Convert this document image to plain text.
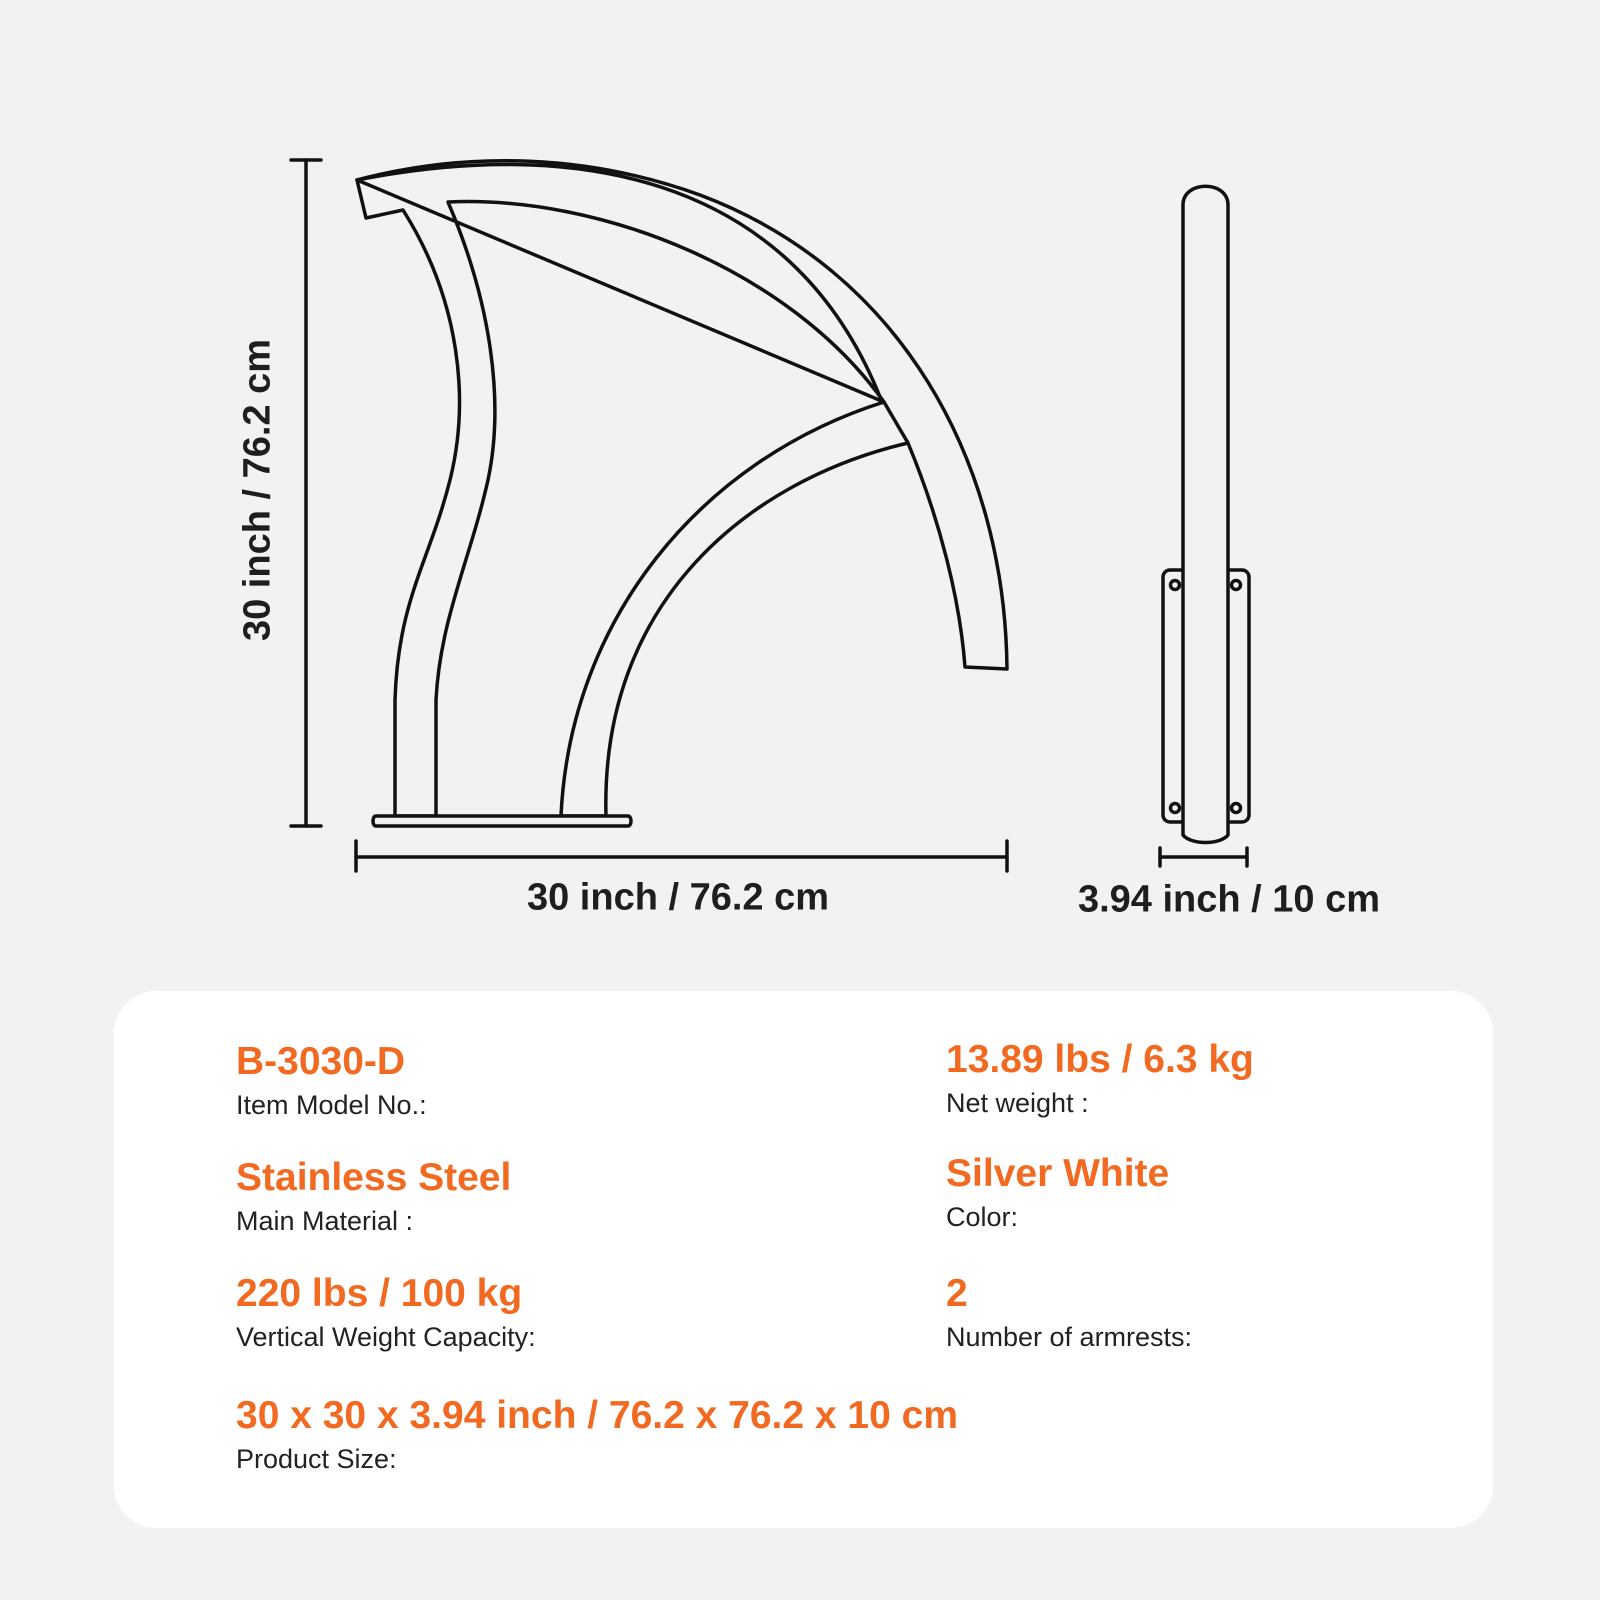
30 inch / 76.2 cm
30 inch / 76.2 cm	3.94 inch / 10 cm
B-3030-D
Item Model No.:
Stainless Steel
Main Material :
220 lbs / 100 kg
Vertical Weight Capacity:
30 x 30 x 3.94 inch / 76.2 x 76.2 x 10 cm
Product Size:
13.89 lbs / 6.3 kg
Net weight :
Silver White
Color:
2
Number of armrests:
